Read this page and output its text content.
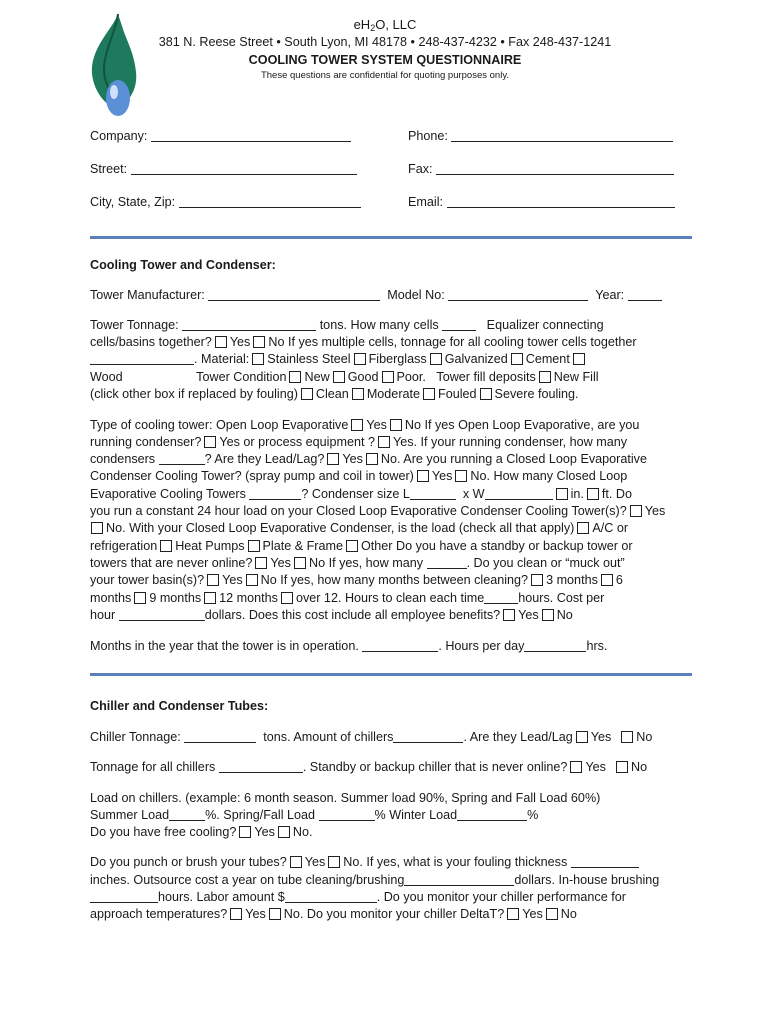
$eH_2O$, LLC
381 N. Reese Street • South Lyon, MI 48178 • 248-437-4232 • Fax 248-437-1241
COOLING TOWER SYSTEM QUESTIONNAIRE
These questions are confidential for quoting purposes only.
Company:	Phone:
Street:	Fax:
City, State, Zip:	Email:
Cooling Tower and Condenser:
Tower Manufacturer:	Model No:	Year:
Tower Tonnage:	tons. How many cells	Equalizer connecting
cells/basins together? Yes No If yes multiple cells, tonnage for all cooling tower cells together
. Material: Stainless Steel Fiberglass Galvanized Cement
Wood	Tower Condition New Good Poor. Tower fill deposits New Fill
(click other box if replaced by fouling) Clean Moderate Fouled Severe fouling.
Type of cooling tower: Open Loop Evaporative Yes No If yes Open Loop Evaporative, are you
running condenser? Yes or process equipment ? Yes. If your running condenser, how many
condensers	? Are they Lead/Lag? Yes No. Are you running a Closed Loop Evaporative
Condenser Cooling Tower? (spray pump and coil in tower) Yes No. How many Closed Loop
Evaporative Cooling Towers	? Condenser size L	x W	in. ft. Do
you run a constant 24 hour load on your Closed Loop Evaporative Condenser Cooling Tower(s)? Yes
No. With your Closed Loop Evaporative Condenser, is the load (check all that apply) A/C or
refrigeration Heat Pumps Plate & Frame Other Do you have a standby or backup tower or
towers that are never online? Yes No If yes, how many	. Do you clean or “muck out”
your tower basin(s)? Yes No If yes, how many months between cleaning? 3 months 6
months 9 months 12 months over 12. Hours to clean each time	hours. Cost per
hour	dollars. Does this cost include all employee benefits? Yes No
Months in the year that the tower is in operation.	. Hours per day	hrs.
Chiller and Condenser Tubes:
Chiller Tonnage:	tons. Amount of chillers	. Are they Lead/Lag Yes No
Tonnage for all chillers	. Standby or backup chiller that is never online? Yes No
Load on chillers. (example: 6 month season. Summer load 90%, Spring and Fall Load 60%)
Summer Load	%. Spring/Fall Load	% Winter Load	%
Do you have free cooling? Yes No.
Do you punch or brush your tubes? Yes No. If yes, what is your fouling thickness
inches. Outsource cost a year on tube cleaning/brushing	dollars. In-house brushing
hours. Labor amount $	. Do you monitor your chiller performance for
approach temperatures? Yes No. Do you monitor your chiller DeltaT? Yes No
